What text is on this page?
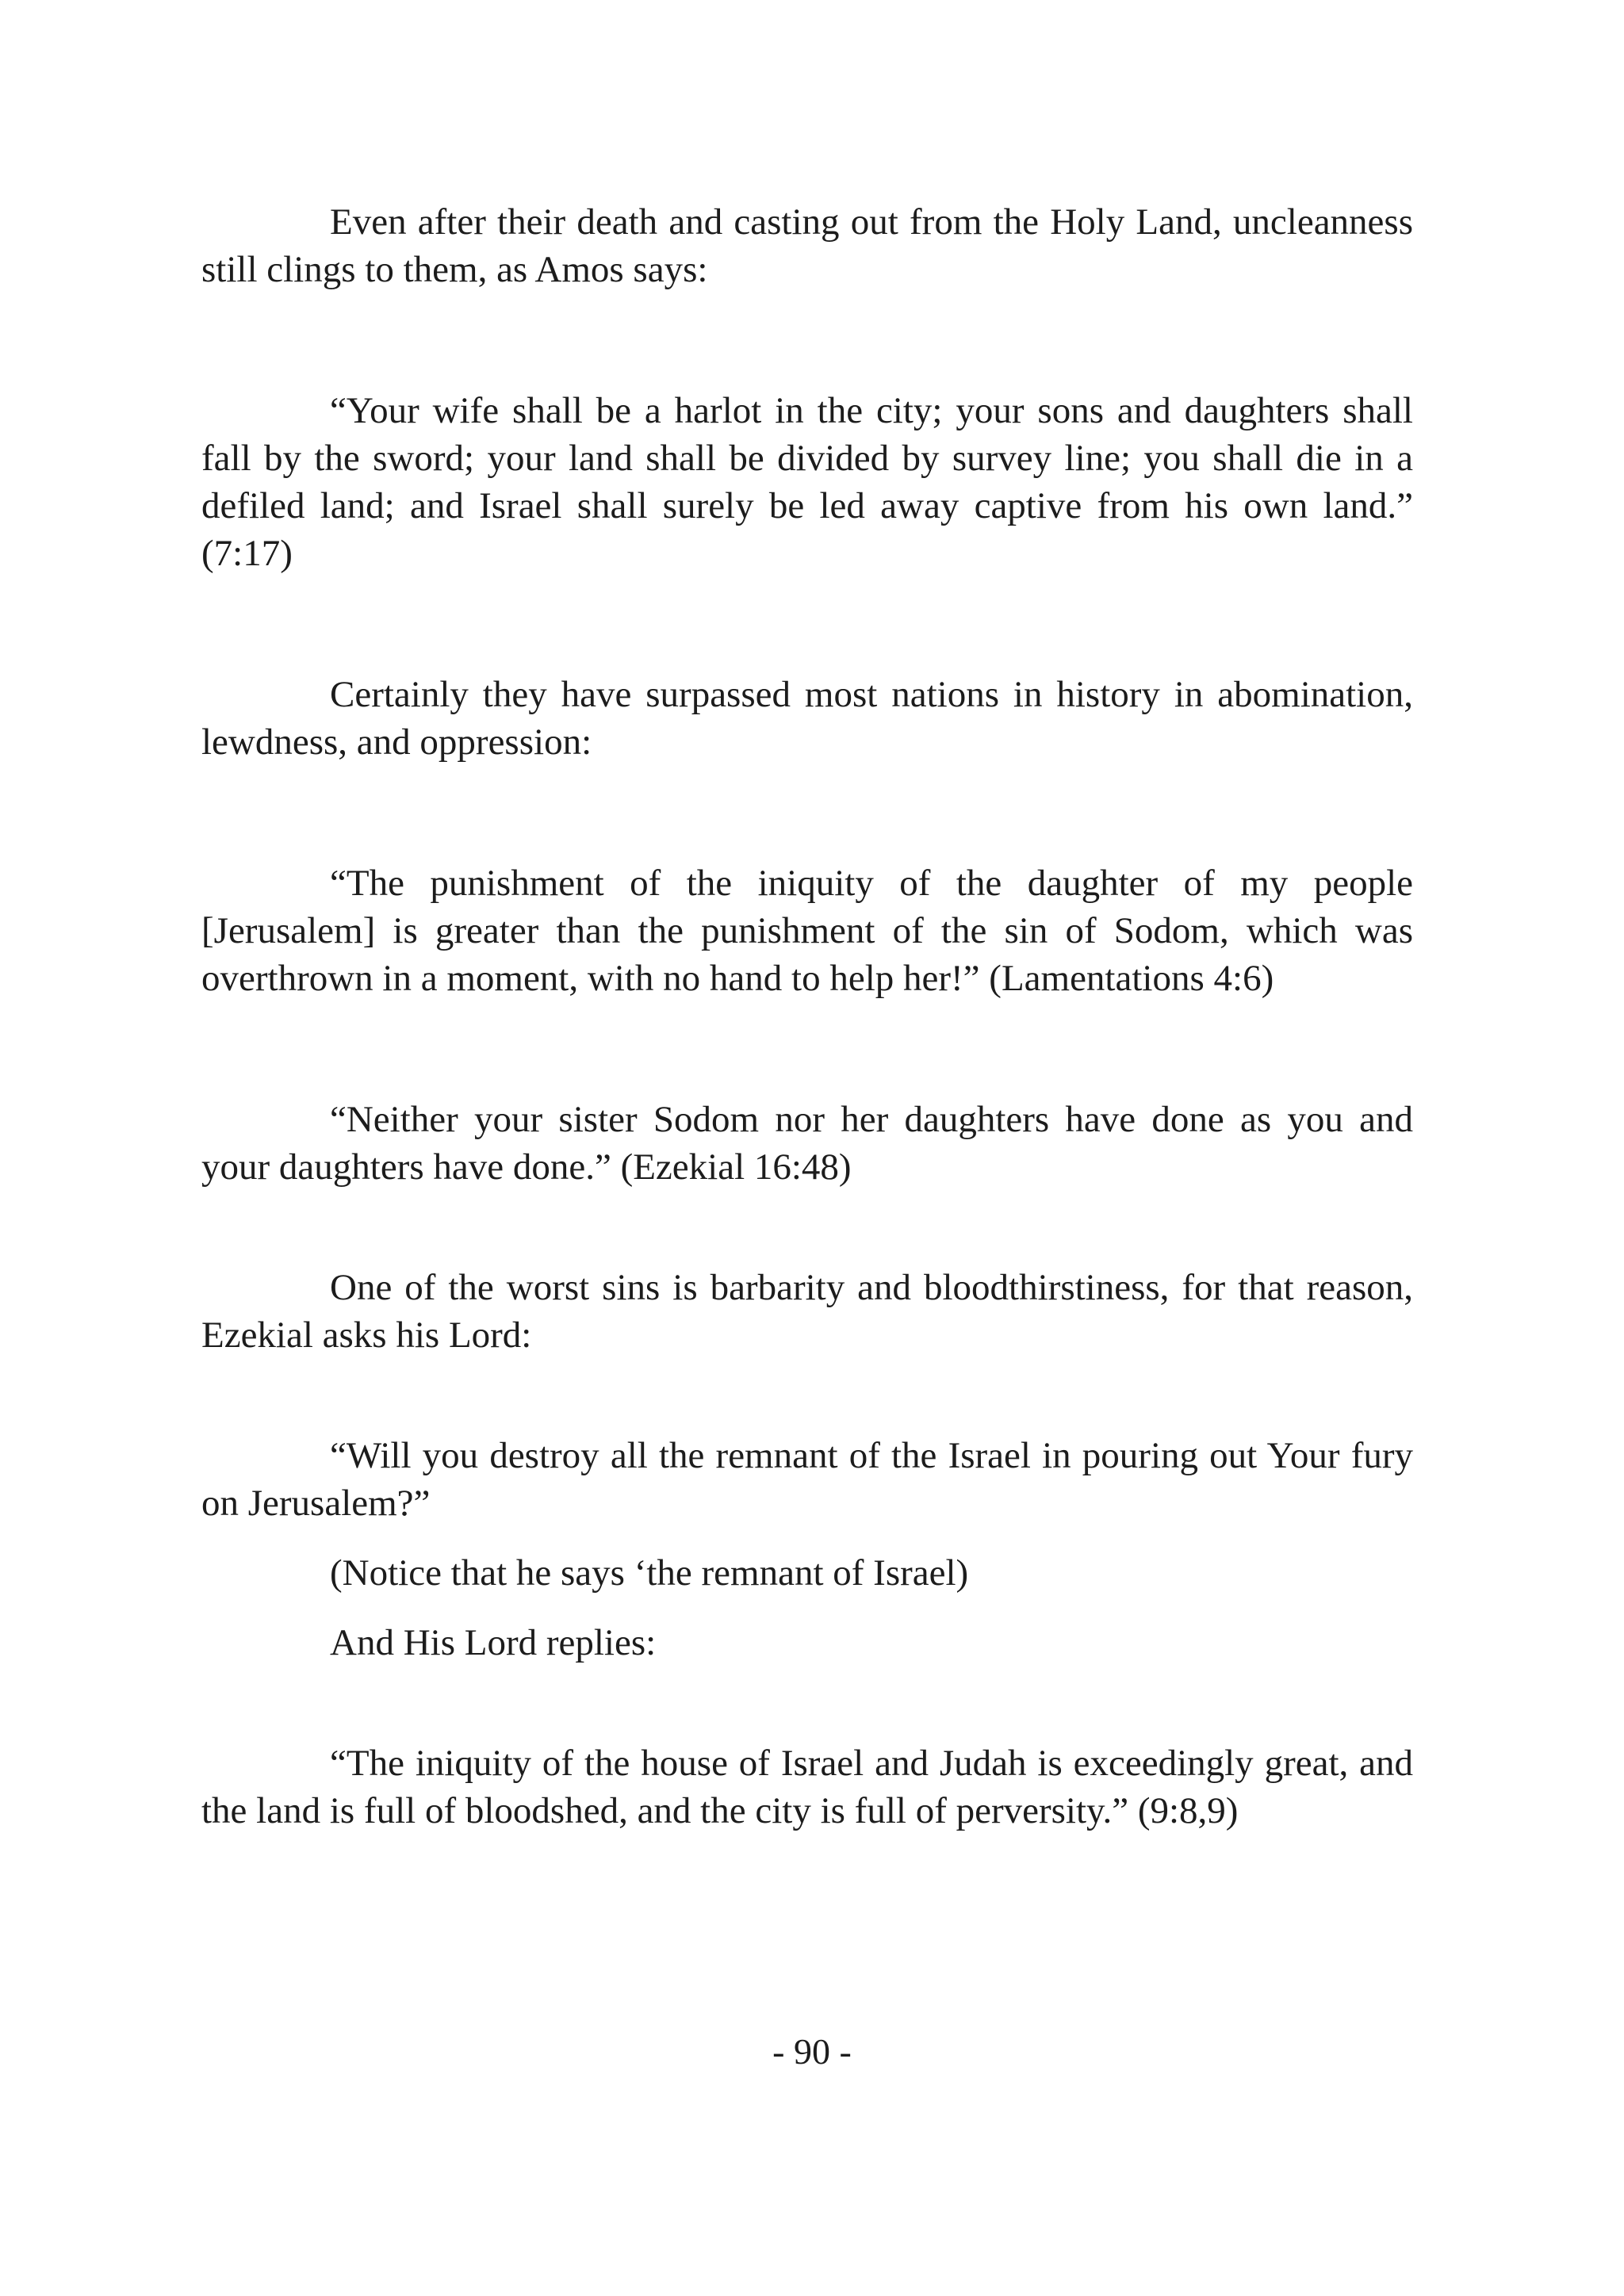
Even after their death and casting out from the Holy Land, uncleanness still clings to them, as Amos says:

“Your wife shall be a harlot in the city; your sons and daughters shall fall by the sword; your land shall be divided by survey line; you shall die in a defiled land; and Israel shall surely be led away captive from his own land.” (7:17)

Certainly they have surpassed most nations in history in abomination, lewdness, and oppression:

“The punishment of the iniquity of the daughter of my people [Jerusalem] is greater than the punishment of the sin of Sodom, which was overthrown in a moment, with no hand to help her!” (Lamentations 4:6)

“Neither your sister Sodom nor her daughters have done as you and your daughters have done.” (Ezekial 16:48)

One of the worst sins is barbarity and bloodthirstiness, for that reason, Ezekial asks his Lord:

“Will you destroy all the remnant of the Israel in pouring out Your fury on Jerusalem?”

(Notice that he says ‘the remnant of Israel)

And His Lord replies:

“The iniquity of the house of Israel and Judah is exceedingly great, and the land is full of bloodshed, and the city is full of perversity.” (9:8,9)

- 90 -
